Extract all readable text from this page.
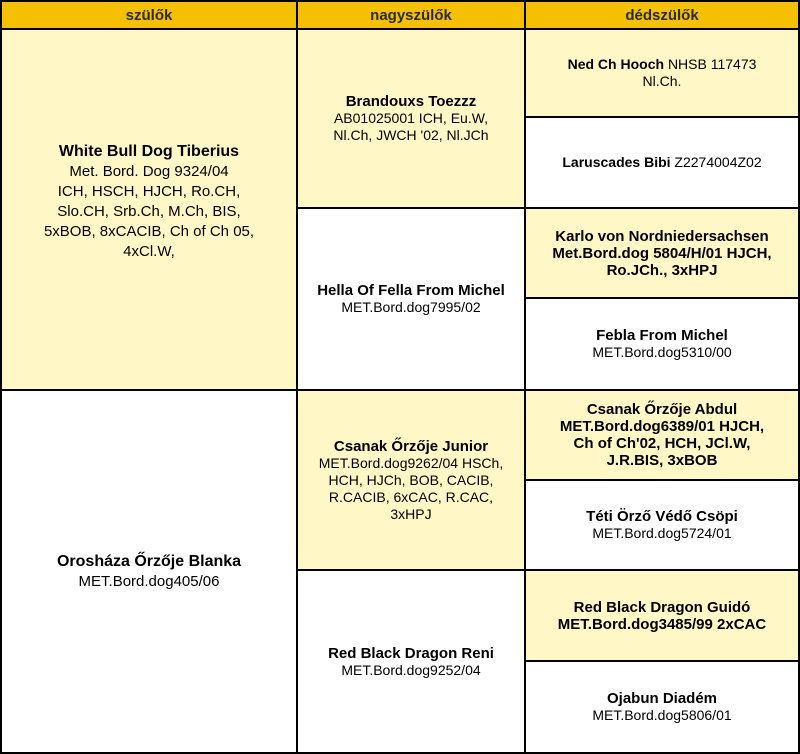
szülők	nagyszülők	dédszülők
White Bull Dog Tiberius
Met. Bord. Dog 9324/04
ICH, HSCH, HJCH, Ro.CH,
Slo.CH, Srb.Ch, M.Ch, BIS,
5xBOB, 8xCACIB, Ch of Ch 05,
4xCl.W,
Orosháza Őrzője Blanka
MET.Bord.dog405/06
Brandouxs Toezzz
AB01025001 ICH, Eu.W,
Nl.Ch, JWCH '02, Nl.JCh
Hella Of Fella From Michel
MET.Bord.dog7995/02
Csanak Őrzője Junior
MET.Bord.dog9262/04 HSCh,
HCH, HJCh, BOB, CACIB,
R.CACIB, 6xCAC, R.CAC,
3xHPJ
Red Black Dragon Reni
MET.Bord.dog9252/04
Ned Ch Hooch NHSB 117473
Nl.Ch.
Laruscades Bibi Z2274004Z02
Karlo von Nordniedersachsen
Met.Bord.dog 5804/H/01 HJCH,
Ro.JCh., 3xHPJ
Febla From Michel
MET.Bord.dog5310/00
Csanak Őrzője Abdul
MET.Bord.dog6389/01 HJCH,
Ch of Ch'02, HCH, JCl.W,
J.R.BIS, 3xBOB
Téti Örző Védő Csöpi
MET.Bord.dog5724/01
Red Black Dragon Guidó
MET.Bord.dog3485/99 2xCAC
Ojabun Diadém
MET.Bord.dog5806/01
